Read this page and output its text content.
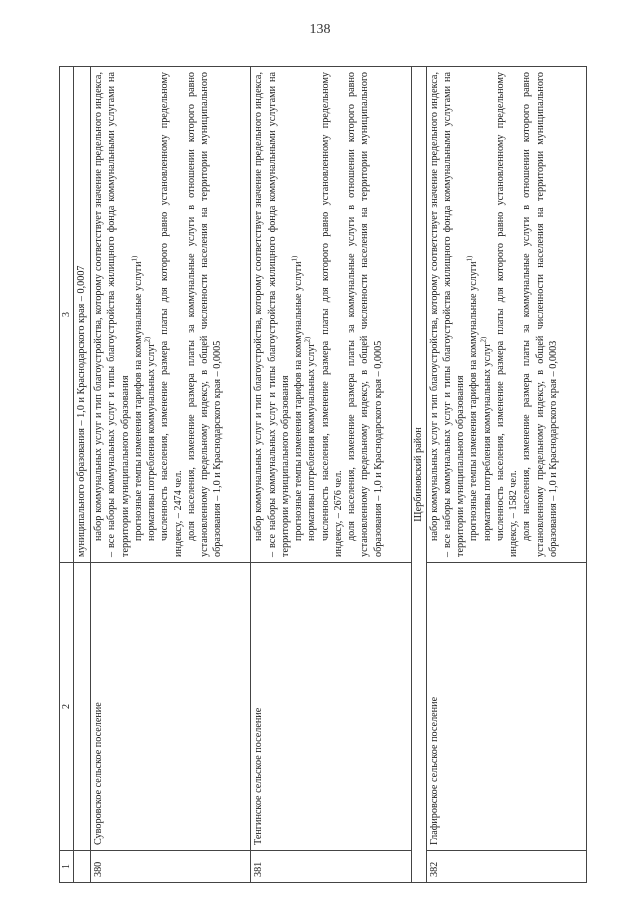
138
1	2	3
		муниципального образования – 1,0 и Краснодарского края – 0,0007
380	Суворовское сельское поселение	набор коммунальных услуг и тип благоустройства, которому соответствует значение предельного индекса, – все наборы коммунальных услуг и типы благоустройства жилищного фонда коммунальными услугами на территории муниципального образования прогнозные темпы изменения тарифов на коммунальные услуги$^{1)}$

нормативы потребления коммунальных услуг$^{2)}$ численность населения, изменение размера платы для которого равно установленному предельному индексу, – 2474 чел. доля населения, изменение размера платы за коммунальные услуги в отношении которого равно установленному предельному индексу, в общей численности населения на территории муниципального образования – 1,0 и Краснодарского края – 0,0005

381	Тенгинское сельское поселение	набор коммунальных услуг и тип благоустройства, которому соответствует значение предельного индекса, – все наборы коммунальных услуг и типы благоустройства жилищного фонда коммунальными услугами на территории муниципального образования прогнозные темпы изменения тарифов на коммунальные услуги$^{1)}$

нормативы потребления коммунальных услуг$^{2)}$ численность населения, изменение размера платы для которого равно установленному предельному индексу, – 2676 чел. доля населения, изменение размера платы за коммунальные услуги в отношении которого равно установленному предельному индексу, в общей численности населения на территории муниципального образования – 1,0 и Краснодарского края – 0,0005

Щербиновский район		
382	Глафировское сельское поселение	набор коммунальных услуг и тип благоустройства, которому соответствует значение предельного индекса, – все наборы коммунальных услуг и типы благоустройства жилищного фонда коммунальными услугами на территории муниципального образования прогнозные темпы изменения тарифов на коммунальные услуги$^{1)}$

нормативы потребления коммунальных услуг$^{2)}$ численность населения, изменение размера платы для которого равно установленному предельному индексу, – 1582 чел. доля населения, изменение размера платы за коммунальные услуги в отношении которого равно установленному предельному индексу, в общей численности населения на территории муниципального образования – 1,0 и Краснодарского края – 0,0003
